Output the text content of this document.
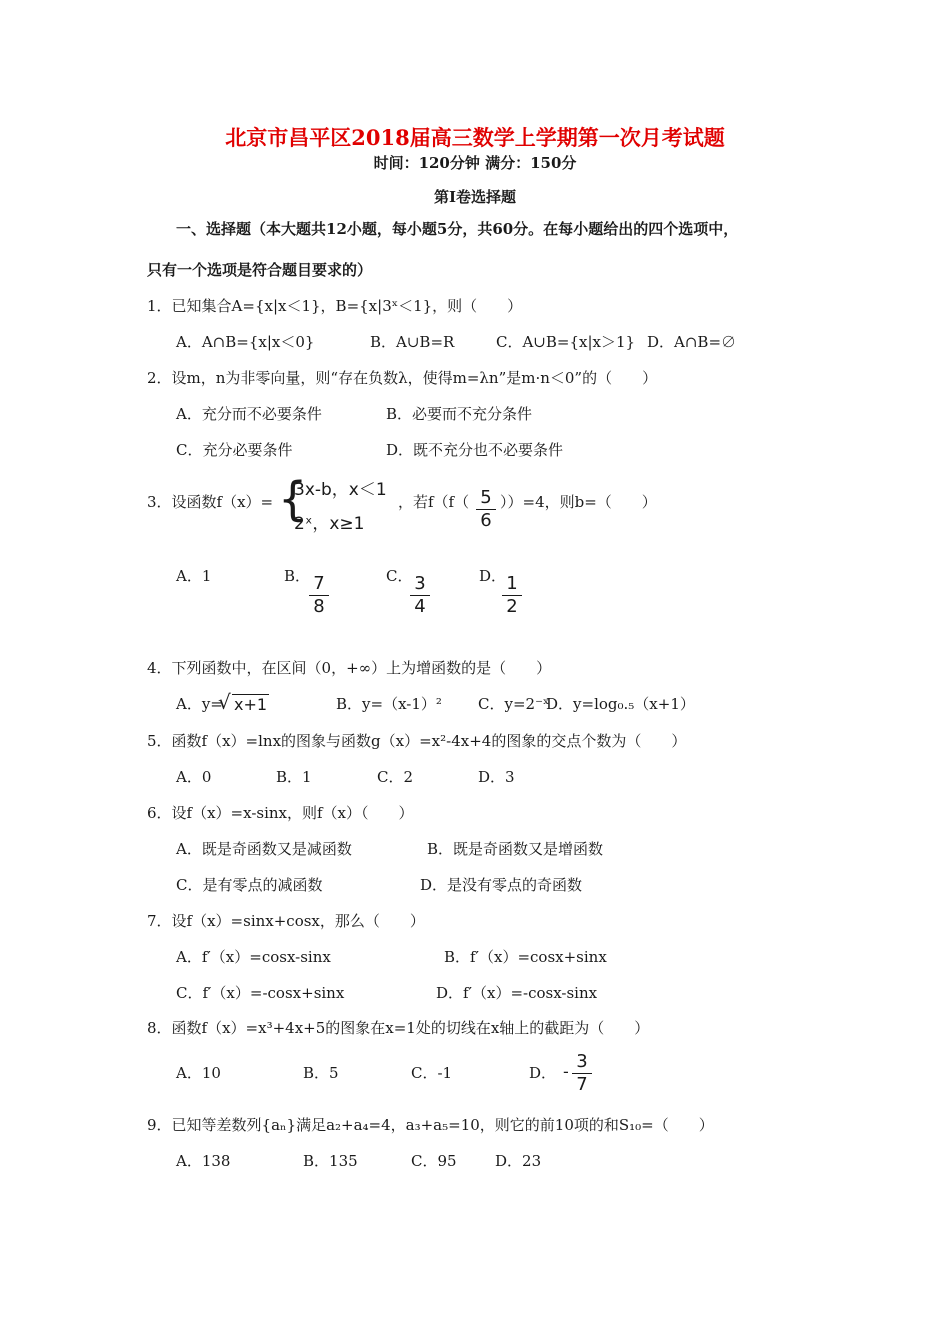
北京市昌平区2018届高三数学上学期第一次月考试题
时间：120分钟 满分：150分
第Ⅰ卷选择题
一、选择题（本大题共12小题，每小题5分，共60分。在每小题给出的四个选项中，
只有一个选项是符合题目要求的）
1．已知集合A={x|x＜1}，B={x|3ˣ＜1}，则（　　）
A．A∩B={x|x＜0}	B．A∪B=R	C．A∪B={x|x＞1} D．A∩B=∅
2．设m，n为非零向量，则“存在负数λ，使得m=λn”是m·n＜0”的（　　）
A．充分而不必要条件	B．必要而不充分条件
C．充分必要条件	D．既不充分也不必要条件
3．设函数f（x）= {
3x-b，x＜1
2ˣ，x≥1
，若f（f（ 5
6
））=4，则b=（　　）
A．1	B． 7
8
C． 3
4
D． 1
2
4．下列函数中，在区间（0，+∞）上为增函数的是（　　）
A．y=
√ x+1	B．y=（x-1）² C．y=2⁻ˣ
D．y=log₀.₅（x+1）
5．函数f（x）=lnx的图象与函数g（x）=x²-4x+4的图象的交点个数为（　　）
A．0	B．1	C．2	D．3
6．设f（x）=x-sinx，则f（x）（　　）
A．既是奇函数又是减函数	B．既是奇函数又是增函数
C．是有零点的减函数	D．是没有零点的奇函数
7．设f（x）=sinx+cosx，那么（　　）
A．f′（x）=cosx-sinx	B．f′（x）=cosx+sinx
C．f′（x）=-cosx+sinx	D．f′（x）=-cosx-sinx
8．函数f（x）=x³+4x+5的图象在x=1处的切线在x轴上的截距为（　　）
A．10	B．5	C．-1	D． - 3
7
9．已知等差数列{aₙ}满足a₂+a₄=4，a₃+a₅=10，则它的前10项的和S₁₀=（　　）
A．138	B．135	C．95	D．23
